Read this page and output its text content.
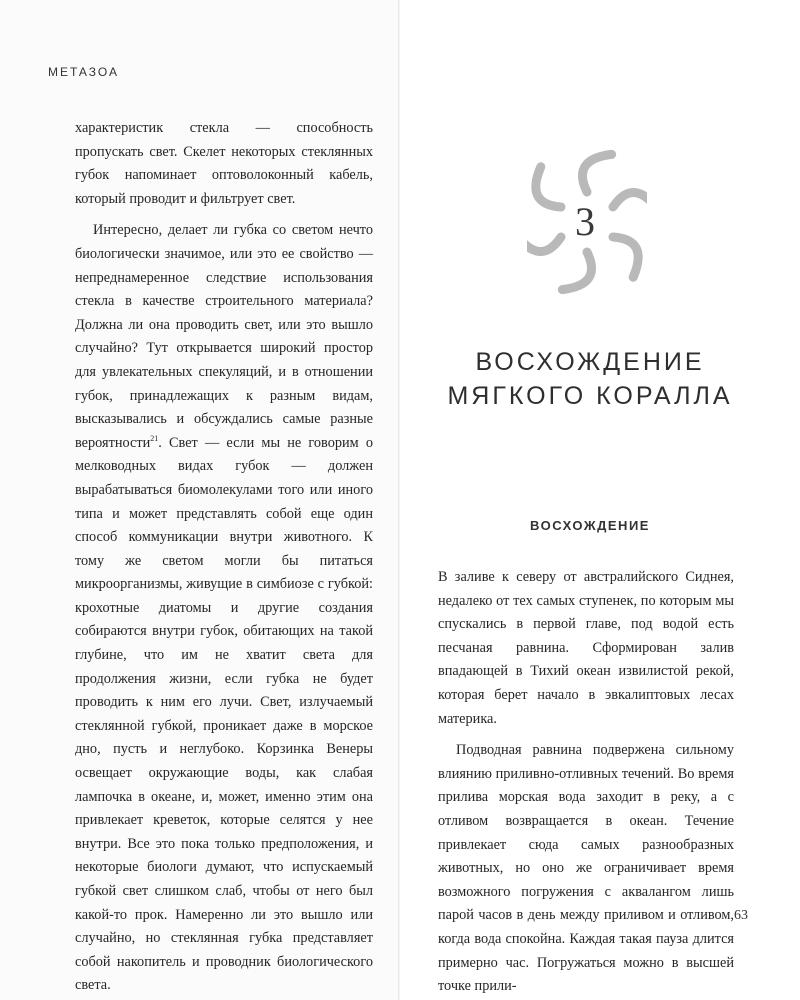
МЕТАЗОА

характеристик стекла — способность пропускать свет. Скелет некоторых стеклянных губок напоминает оптоволоконный кабель, который проводит и фильтрует свет.

Интересно, делает ли губка со светом нечто биологически значимое, или это ее свойство — непреднамеренное следствие использования стекла в качестве строительного материала? Должна ли она проводить свет, или это вышло случайно? Тут открывается широкий простор для увлекательных спекуляций, и в отношении губок, принадлежащих к разным видам, высказывались и обсуждались самые разные вероятности$^{21}$. Свет — если мы не говорим о мелководных видах губок — должен вырабатываться биомолекулами того или иного типа и может представлять собой еще один способ коммуникации внутри животного. К тому же светом могли бы питаться микроорганизмы, живущие в симбиозе с губкой: крохотные диатомы и другие создания собираются внутри губок, обитающих на такой глубине, что им не хватит света для продолжения жизни, если губка не будет проводить к ним его лучи. Свет, излучаемый стеклянной губкой, проникает даже в морское дно, пусть и неглубоко. Корзинка Венеры освещает окружающие воды, как слабая лампочка в океане, и, может, именно этим она привлекает креветок, которые селятся у нее внутри. Все это пока только предположения, и некоторые биологи думают, что испускаемый губкой свет слишком слаб, чтобы от него был какой-то прок. Намеренно ли это вышло или случайно, но стеклянная губка представляет собой накопитель и проводник биологического света.

3
ВОСХОЖДЕНИЕ
МЯГКОГО КОРАЛЛА
ВОСХОЖДЕНИЕ

В заливе к северу от австралийского Сиднея, недалеко от тех самых ступенек, по которым мы спускались в первой главе, под водой есть песчаная равнина. Сформирован залив впадающей в Тихий океан извилистой рекой, которая берет начало в эвкалиптовых лесах материка.

Подводная равнина подвержена сильному влиянию приливно-отливных течений. Во время прилива морская вода заходит в реку, а с отливом возвращается в океан. Течение привлекает сюда самых разнообразных животных, но оно же ограничивает время возможного погружения с аквалангом лишь парой часов в день между приливом и отливом, когда вода спокойна. Каждая такая пауза длится примерно час. Погружаться можно в высшей точке прили-

63
